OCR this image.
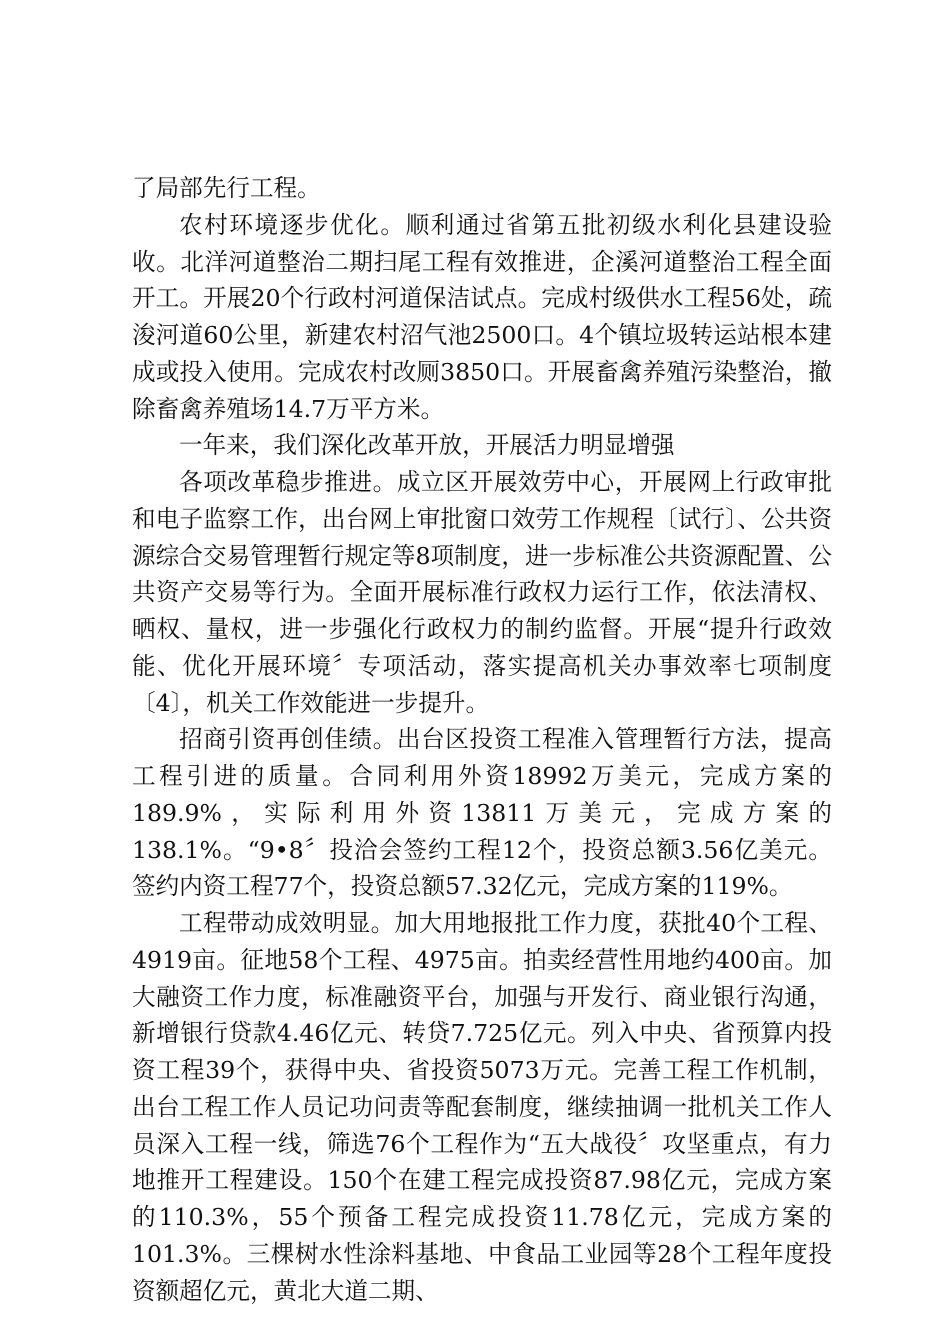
了局部先行工程。

农村环境逐步优化。顺利通过省第五批初级水利化县建设验收。北洋河道整治二期扫尾工程有效推进，企溪河道整治工程全面开工。开展20个行政村河道保洁试点。完成村级供水工程56处，疏浚河道60公里，新建农村沼气池2500口。4个镇垃圾转运站根本建成或投入使用。完成农村改厕3850口。开展畜禽养殖污染整治，撤除畜禽养殖场14.7万平方米。

一年来，我们深化改革开放，开展活力明显增强

各项改革稳步推进。成立区开展效劳中心，开展网上行政审批和电子监察工作，出台网上审批窗口效劳工作规程〔试行〕、公共资源综合交易管理暂行规定等8项制度，进一步标准公共资源配置、公共资产交易等行为。全面开展标准行政权力运行工作，依法清权、晒权、量权，进一步强化行政权力的制约监督。开展“提升行政效能、优化开展环境〞专项活动，落实提高机关办事效率七项制度〔4〕，机关工作效能进一步提升。

招商引资再创佳绩。出台区投资工程准入管理暂行方法，提高工程引进的质量。合同利用外资18992万美元，完成方案的189.9%，实际利用外资13811万美元，完成方案的138.1%。“9•8〞投洽会签约工程12个，投资总额3.56亿美元。签约内资工程77个，投资总额57.32亿元，完成方案的119%。

工程带动成效明显。加大用地报批工作力度，获批40个工程、4919亩。征地58个工程、4975亩。拍卖经营性用地约400亩。加大融资工作力度，标准融资平台，加强与开发行、商业银行沟通，新增银行贷款4.46亿元、转贷7.725亿元。列入中央、省预算内投资工程39个，获得中央、省投资5073万元。完善工程工作机制，出台工程工作人员记功问责等配套制度，继续抽调一批机关工作人员深入工程一线，筛选76个工程作为“五大战役〞攻坚重点，有力地推开工程建设。150个在建工程完成投资87.98亿元，完成方案的110.3%，55个预备工程完成投资11.78亿元，完成方案的101.3%。三棵树水性涂料基地、中食品工业园等28个工程年度投资额超亿元，黄北大道二期、
